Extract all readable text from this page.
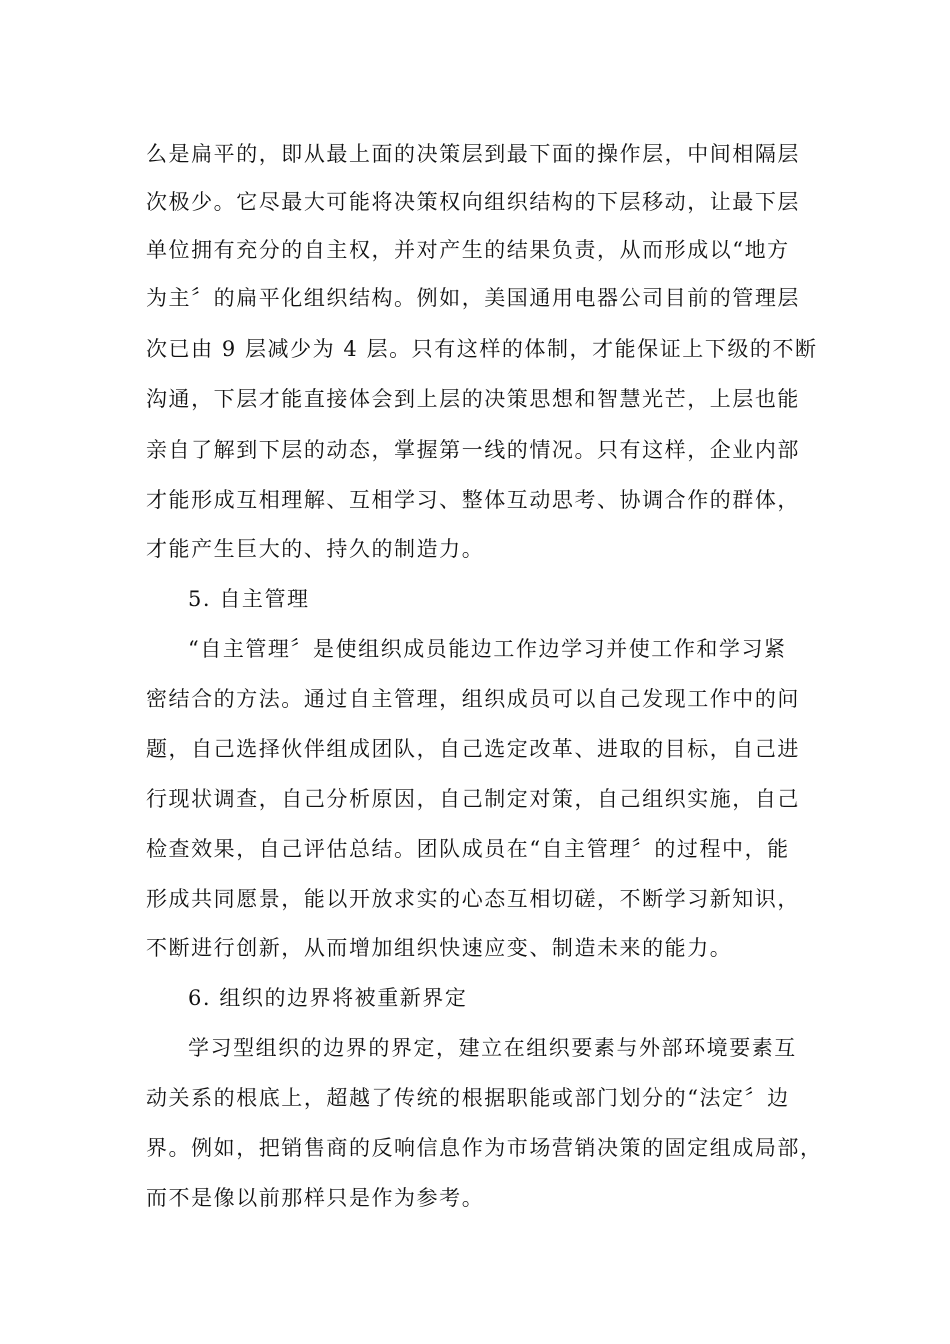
么是扁平的，即从最上面的决策层到最下面的操作层，中间相隔层
次极少。它尽最大可能将决策权向组织结构的下层移动，让最下层
单位拥有充分的自主权，并对产生的结果负责，从而形成以“地方
为主〞的扁平化组织结构。例如，美国通用电器公司目前的管理层
次已由 9 层减少为 4 层。只有这样的体制，才能保证上下级的不断
沟通，下层才能直接体会到上层的决策思想和智慧光芒，上层也能
亲自了解到下层的动态，掌握第一线的情况。只有这样，企业内部
才能形成互相理解、互相学习、整体互动思考、协调合作的群体，
才能产生巨大的、持久的制造力。
5. 自主管理
“自主管理〞是使组织成员能边工作边学习并使工作和学习紧
密结合的方法。通过自主管理，组织成员可以自己发现工作中的问
题，自己选择伙伴组成团队，自己选定改革、进取的目标，自己进
行现状调查，自己分析原因，自己制定对策，自己组织实施，自己
检查效果，自己评估总结。团队成员在“自主管理〞的过程中，能
形成共同愿景，能以开放求实的心态互相切磋，不断学习新知识，
不断进行创新，从而增加组织快速应变、制造未来的能力。
6. 组织的边界将被重新界定
学习型组织的边界的界定，建立在组织要素与外部环境要素互
动关系的根底上，超越了传统的根据职能或部门划分的“法定〞边
界。例如，把销售商的反响信息作为市场营销决策的固定组成局部，
而不是像以前那样只是作为参考。
